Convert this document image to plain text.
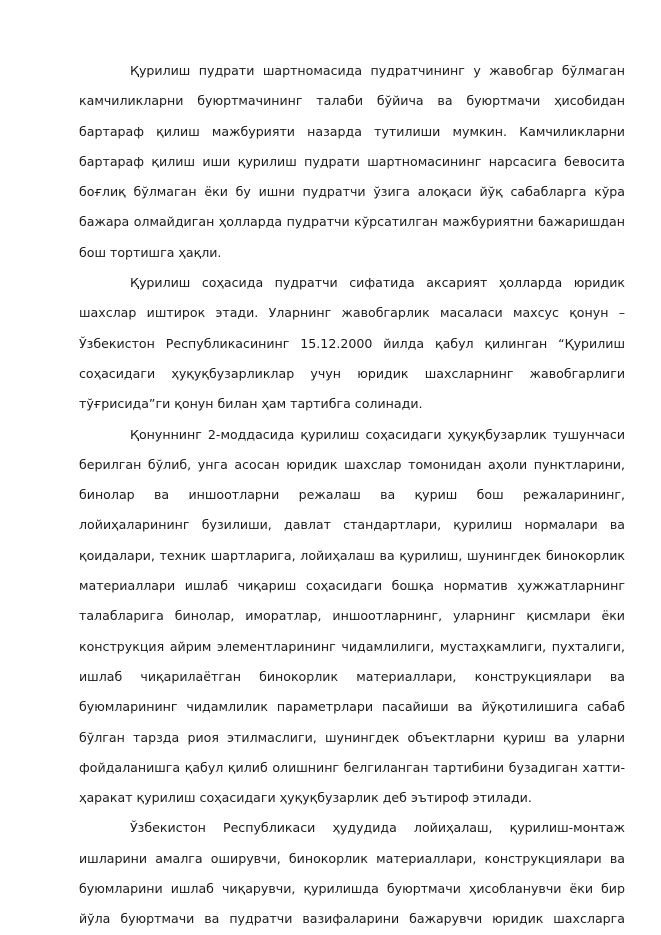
Қурилиш пудрати шартномасида пудратчининг у жавобгар бўлмаган камчиликларни буюртмачининг талаби бўйича ва буюртмачи ҳисобидан бартараф қилиш мажбурияти назарда тутилиши мумкин. Камчиликларни бартараф қилиш иши қурилиш пудрати шартномасининг нарсасига бевосита боғлиқ бўлмаган ёки бу ишни пудратчи ўзига алоқаси йўқ сабабларга кўра бажара олмайдиган ҳолларда пудратчи кўрсатилган мажбуриятни бажаришдан бош тортишга ҳақли.

Қурилиш соҳасида пудратчи сифатида аксарият ҳолларда юридик шахслар иштирок этади. Уларнинг жавобгарлик масаласи махсус қонун – Ўзбекистон Республикасининг 15.12.2000 йилда қабул қилинган “Қурилиш соҳасидаги ҳуқуқбузарликлар учун юридик шахсларнинг жавобгарлиги тўғрисида”ги қонун билан ҳам тартибга солинади.

Қонуннинг 2-моддасида қурилиш соҳасидаги ҳуқуқбузарлик тушунчаси берилган бўлиб, унга асосан юридик шахслар томонидан аҳоли пунктларини, бинолар ва иншоотларни режалаш ва қуриш бош режаларининг, лойиҳаларининг бузилиши, давлат стандартлари, қурилиш нормалари ва қоидалари, техник шартларига, лойиҳалаш ва қурилиш, шунингдек бинокорлик материаллари ишлаб чиқариш соҳасидаги бошқа норматив ҳужжатларнинг талабларига бинолар, иморатлар, иншоотларнинг, уларнинг қисмлари ёки конструкция айрим элементларининг чидамлилиги, мустаҳкамлиги, пухталиги, ишлаб чиқарилаётган бинокорлик материаллари, конструкциялари ва буюмларининг чидамлилик параметрлари пасайиши ва йўқотилишига сабаб бўлган тарзда риоя этилмаслиги, шунингдек объектларни қуриш ва уларни фойдаланишга қабул қилиб олишнинг белгиланган тартибини бузадиган хатти-ҳаракат қурилиш соҳасидаги ҳуқуқбузарлик деб эътироф этилади.

Ўзбекистон Республикаси ҳудудида лойиҳалаш, қурилиш-монтаж ишларини амалга оширувчи, бинокорлик материаллари, конструкциялари ва буюмларини ишлаб чиқарувчи, қурилишда буюртмачи ҳисобланувчи ёки бир йўла буюртмачи ва пудратчи вазифаларини бажарувчи юридик шахсларга
